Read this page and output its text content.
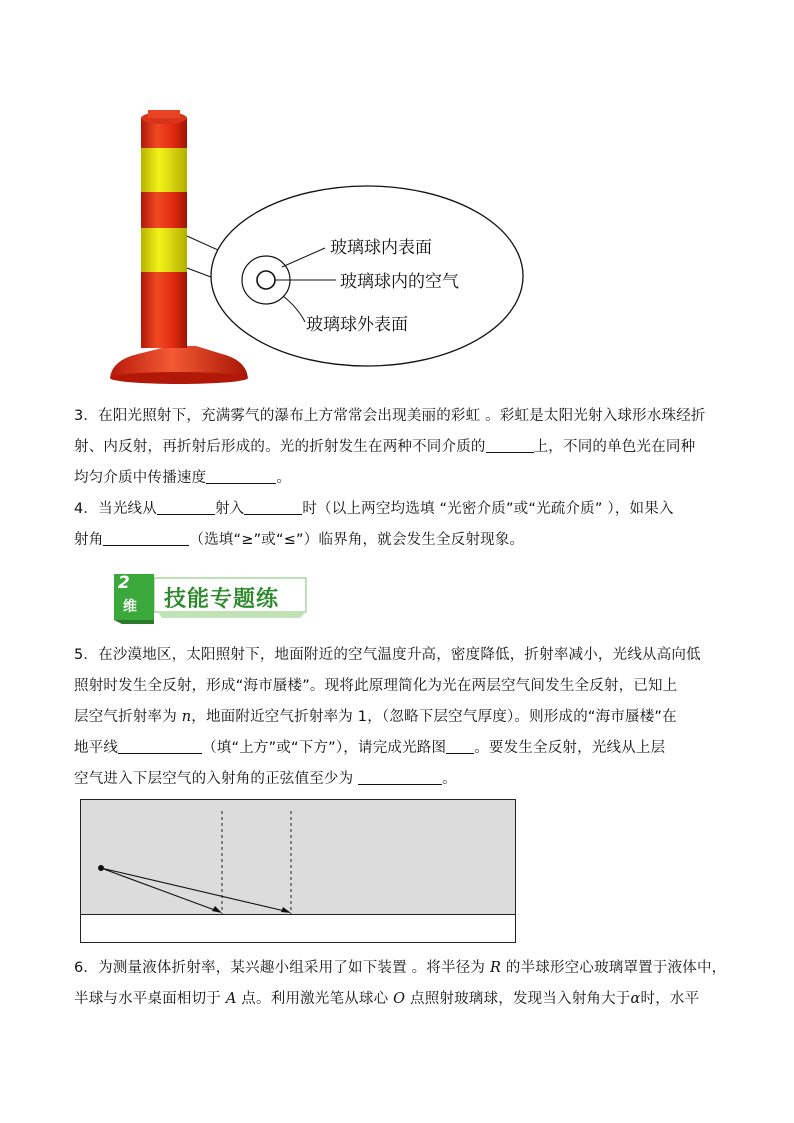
玻璃球内表面
玻璃球内的空气
玻璃球外表面
3．在阳光照射下，充满雾气的瀑布上方常常会出现美丽的彩虹 。彩虹是太阳光射入球形水珠经折
射、内反射，再折射后形成的。光的折射发生在两种不同介质的	上，不同的单色光在同种
均匀介质中传播速度	。
4．当光线从	射入	时（以上两空均选填 “光密介质”或“光疏介质” ），如果入
射角	（选填“≥”或“≤”）临界角，就会发生全反射现象。
2
维 技能专题练
5．在沙漠地区，太阳照射下，地面附近的空气温度升高，密度降低，折射率减小，光线从高向低
照射时发生全反射，形成“海市蜃楼”。现将此原理简化为光在两层空气间发生全反射，已知上
层空气折射率为 n，地面附近空气折射率为 1，（忽略下层空气厚度）。则形成的“海市蜃楼”在
地平线	（填“上方”或“下方”），请完成光路图 。要发生全反射，光线从上层
空气进入下层空气的入射角的正弦值至少为	。
6．为测量液体折射率，某兴趣小组采用了如下装置 。将半径为 R 的半球形空心玻璃罩置于液体中，
半球与水平桌面相切于 A 点。利用激光笔从球心 O 点照射玻璃球，发现当入射角大于α时，水平
